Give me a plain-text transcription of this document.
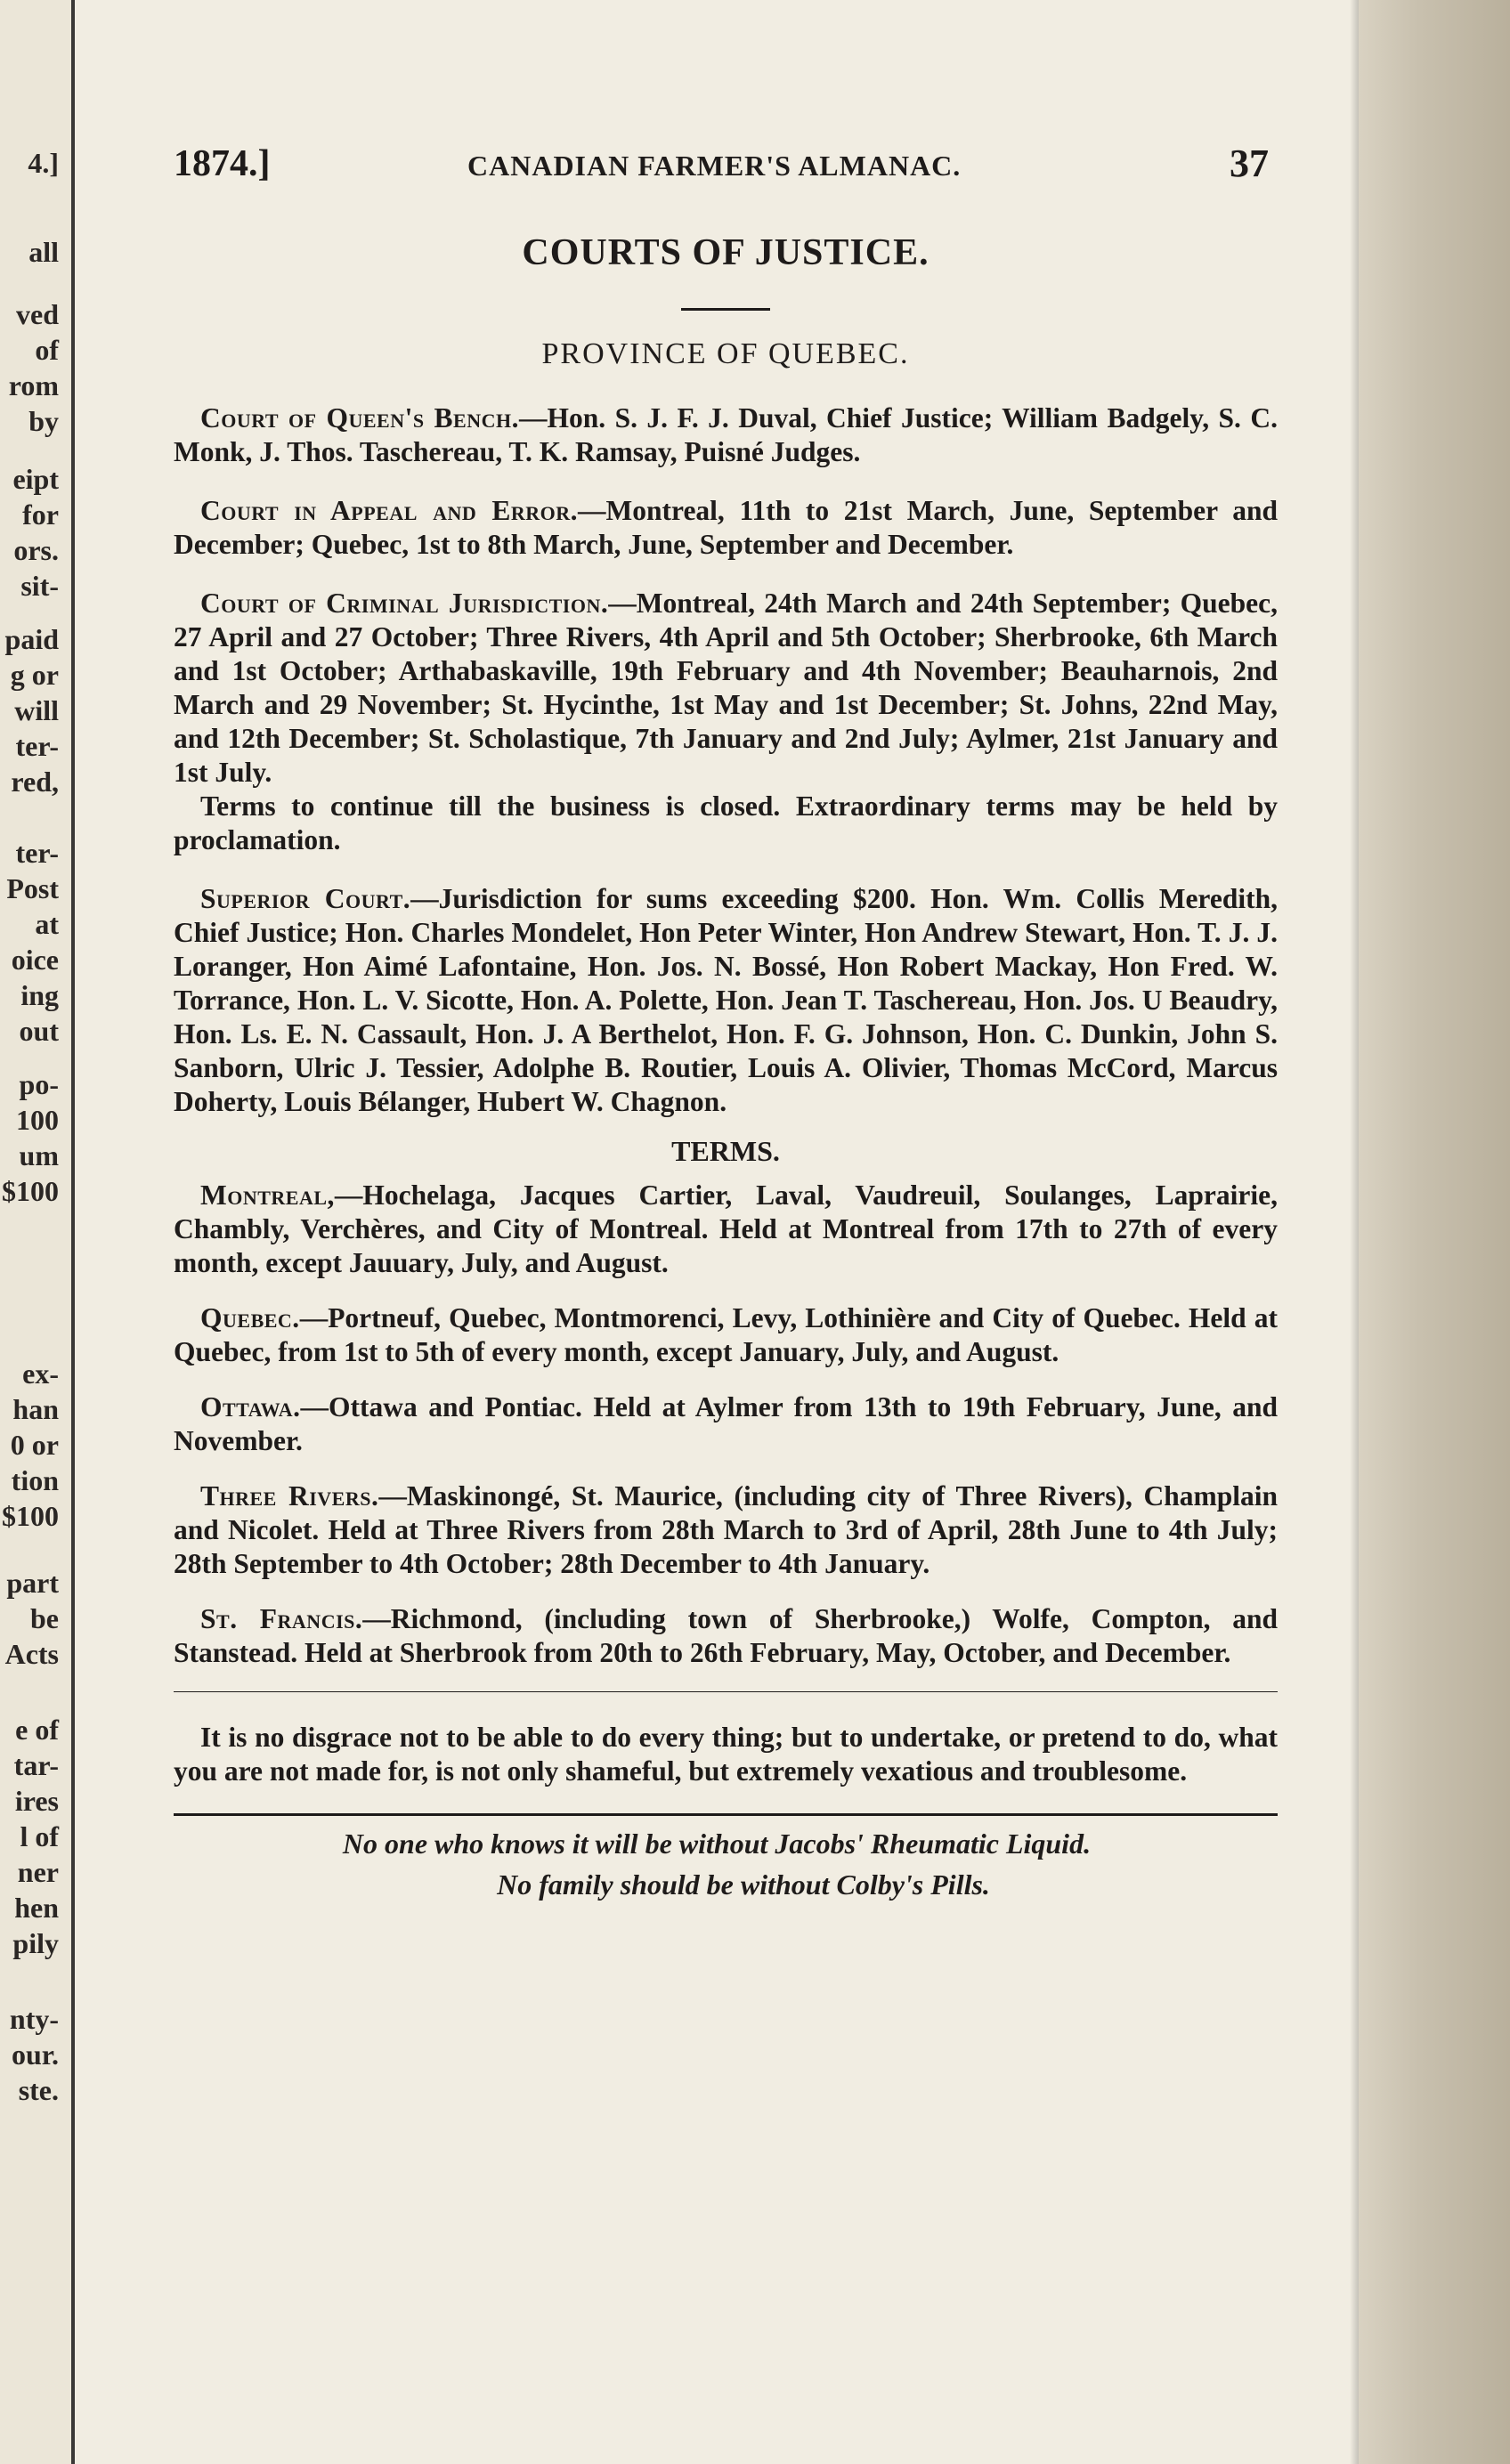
4.]
all
ved
of
rom
by
eipt
for
ors.
sit-
paid
g or
will
ter-
red,
ter-
Post
at
oice
ing
out
po-
100
um
$100
ex-
han
0 or
tion
$100
part
be
Acts
e of
tar-
ires
l of
ner
hen
pily
nty-
our.
ste.
1874.]	CANADIAN FARMER'S ALMANAC.	37
COURTS OF JUSTICE.
PROVINCE OF QUEBEC.

Court of Queen's Bench.—Hon. S. J. F. J. Duval, Chief Justice; William Badgely, S. C. Monk, J. Thos. Taschereau, T. K. Ramsay, Puisné Judges.

Court in Appeal and Error.—Montreal, 11th to 21st March, June, September and December; Quebec, 1st to 8th March, June, September and December.

Court of Criminal Jurisdiction.—Montreal, 24th March and 24th September; Quebec, 27 April and 27 October; Three Rivers, 4th April and 5th October; Sherbrooke, 6th March and 1st October; Arthabaskaville, 19th February and 4th November; Beauharnois, 2nd March and 29 November; St. Hycinthe, 1st May and 1st December; St. Johns, 22nd May, and 12th December; St. Scholastique, 7th January and 2nd July; Aylmer, 21st January and 1st July.

Terms to continue till the business is closed. Extraordinary terms may be held by proclamation.

Superior Court.—Jurisdiction for sums exceeding $200. Hon. Wm. Collis Meredith, Chief Justice; Hon. Charles Mondelet, Hon Peter Winter, Hon Andrew Stewart, Hon. T. J. J. Loranger, Hon Aimé Lafontaine, Hon. Jos. N. Bossé, Hon Robert Mackay, Hon Fred. W. Torrance, Hon. L. V. Sicotte, Hon. A. Polette, Hon. Jean T. Taschereau, Hon. Jos. U Beaudry, Hon. Ls. E. N. Cassault, Hon. J. A Berthelot, Hon. F. G. Johnson, Hon. C. Dunkin, John S. Sanborn, Ulric J. Tessier, Adolphe B. Routier, Louis A. Olivier, Thomas McCord, Marcus Doherty, Louis Bélanger, Hubert W. Chagnon.

TERMS.

Montreal,—Hochelaga, Jacques Cartier, Laval, Vaudreuil, Soulanges, Laprairie, Chambly, Verchères, and City of Montreal. Held at Montreal from 17th to 27th of every month, except Jauuary, July, and August.

Quebec.—Portneuf, Quebec, Montmorenci, Levy, Lothinière and City of Quebec. Held at Quebec, from 1st to 5th of every month, except January, July, and August.

Ottawa.—Ottawa and Pontiac. Held at Aylmer from 13th to 19th February, June, and November.

Three Rivers.—Maskinongé, St. Maurice, (including city of Three Rivers), Champlain and Nicolet. Held at Three Rivers from 28th March to 3rd of April, 28th June to 4th July; 28th September to 4th October; 28th December to 4th January.

St. Francis.—Richmond, (including town of Sherbrooke,) Wolfe, Compton, and Stanstead. Held at Sherbrook from 20th to 26th February, May, October, and December.

It is no disgrace not to be able to do every thing; but to undertake, or pretend to do, what you are not made for, is not only shameful, but extremely vexatious and troublesome.

No one who knows it will be without Jacobs' Rheumatic Liquid.
No family should be without Colby's Pills.
